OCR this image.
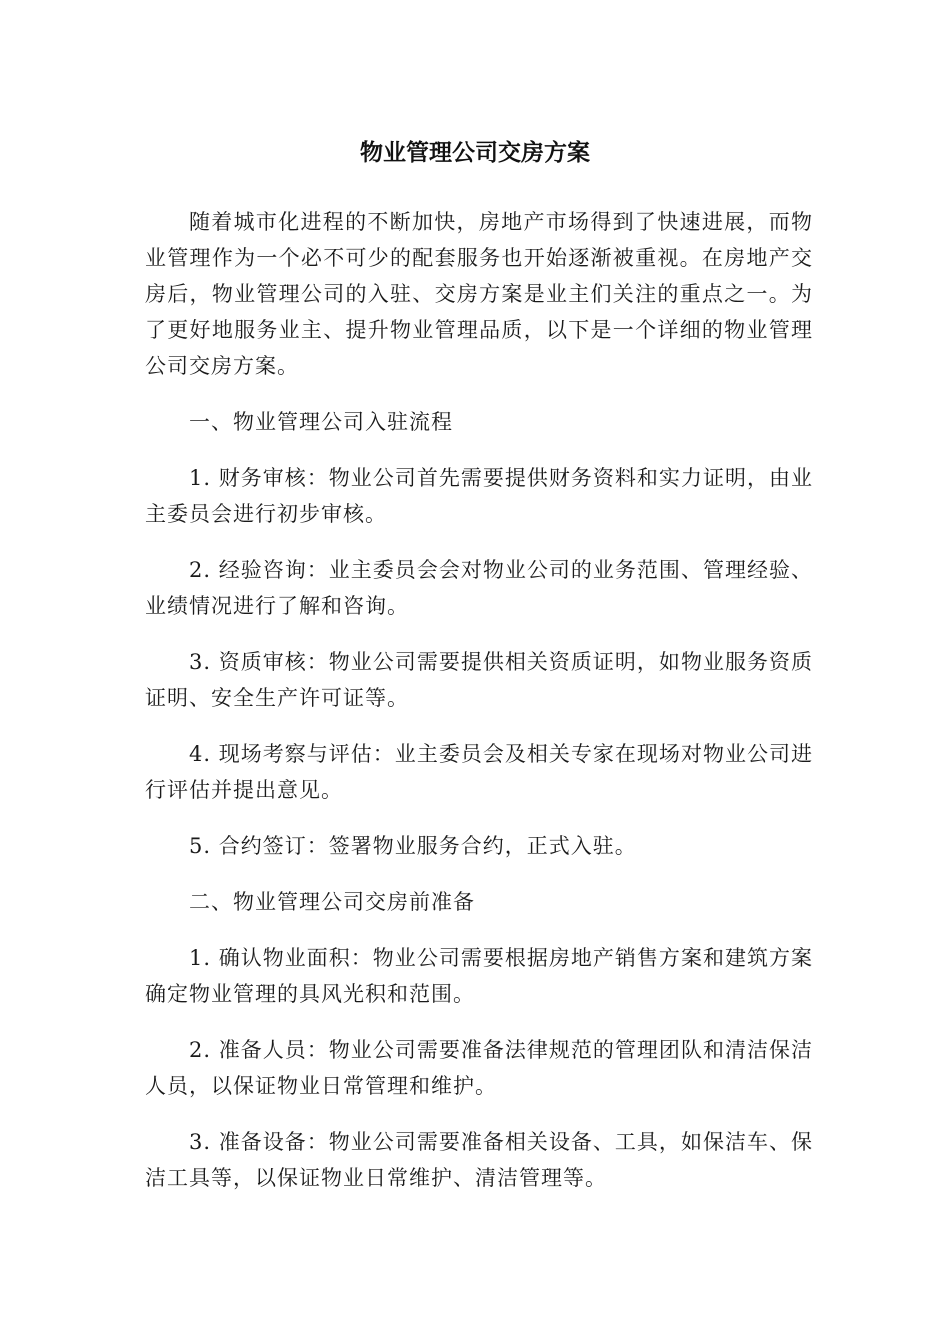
物业管理公司交房方案

随着城市化进程的不断加快，房地产市场得到了快速进展，而物业管理作为一个必不可少的配套服务也开始逐渐被重视。在房地产交房后，物业管理公司的入驻、交房方案是业主们关注的重点之一。为了更好地服务业主、提升物业管理品质，以下是一个详细的物业管理公司交房方案。

一、物业管理公司入驻流程

1. 财务审核：物业公司首先需要提供财务资料和实力证明，由业主委员会进行初步审核。

2. 经验咨询：业主委员会会对物业公司的业务范围、管理经验、业绩情况进行了解和咨询。

3. 资质审核：物业公司需要提供相关资质证明，如物业服务资质证明、安全生产许可证等。

4. 现场考察与评估：业主委员会及相关专家在现场对物业公司进行评估并提出意见。

5. 合约签订：签署物业服务合约，正式入驻。

二、物业管理公司交房前准备

1. 确认物业面积：物业公司需要根据房地产销售方案和建筑方案确定物业管理的具风光积和范围。

2. 准备人员：物业公司需要准备法律规范的管理团队和清洁保洁人员，以保证物业日常管理和维护。

3. 准备设备：物业公司需要准备相关设备、工具，如保洁车、保洁工具等，以保证物业日常维护、清洁管理等。
